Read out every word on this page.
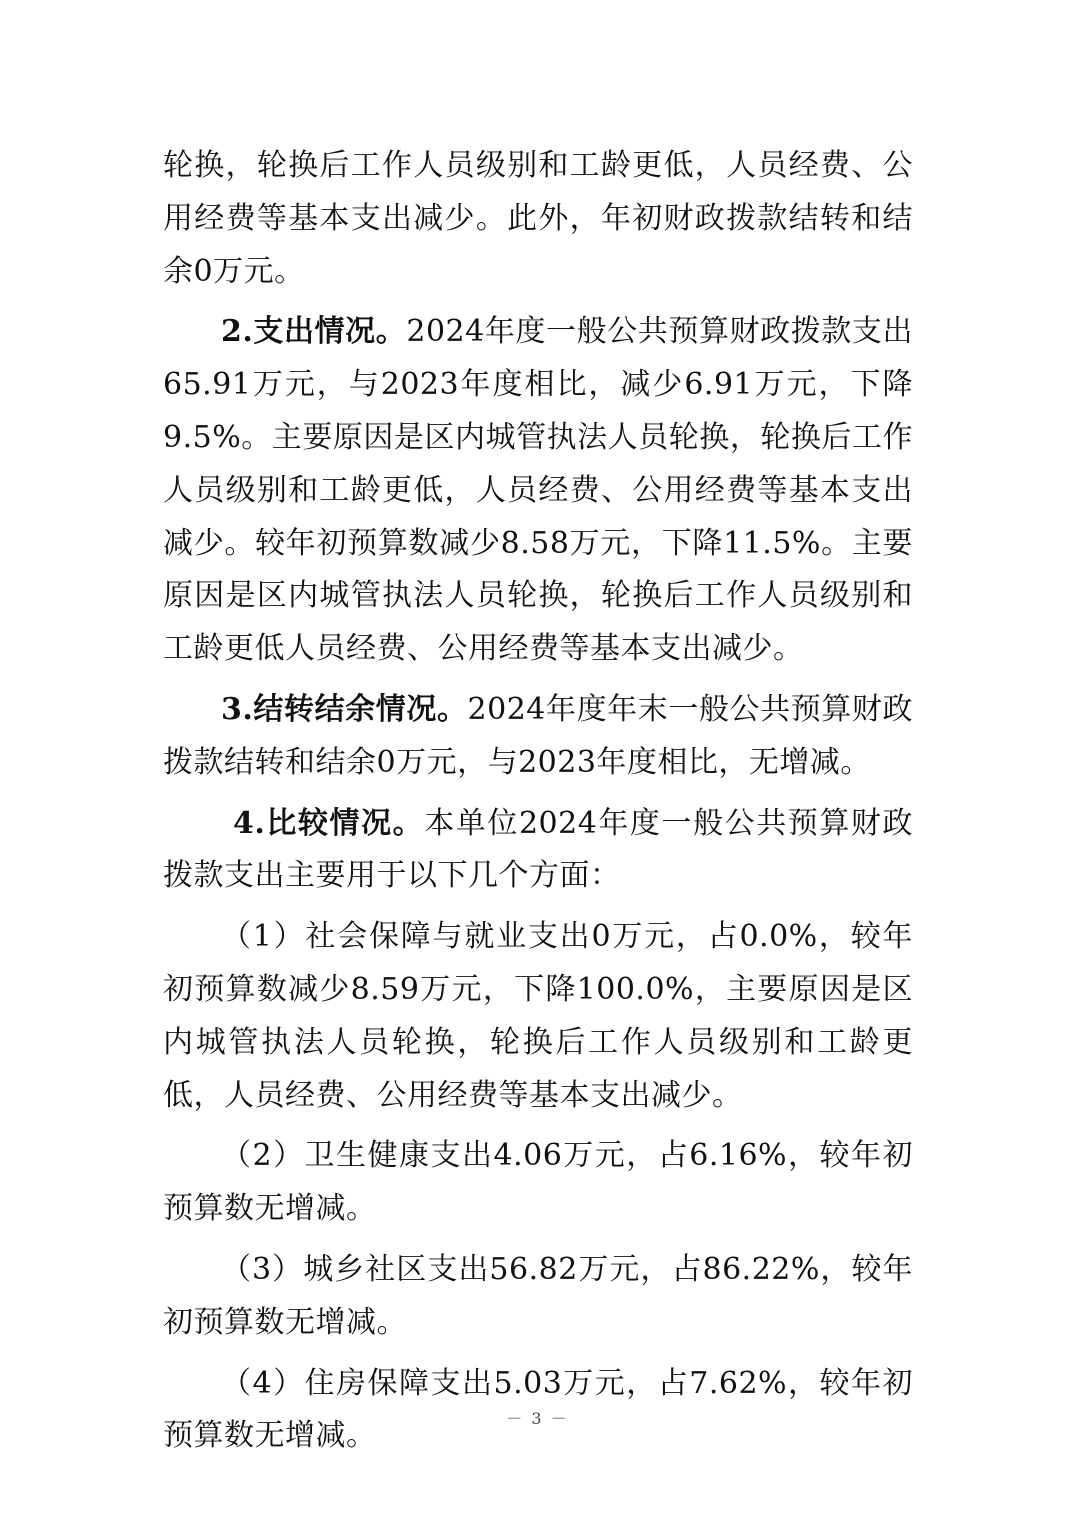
轮换，轮换后工作人员级别和工龄更低，人员经费、公用经费等基本支出减少。此外，年初财政拨款结转和结余0万元。

2.支出情况。2024年度一般公共预算财政拨款支出65.91万元，与2023年度相比，减少6.91万元，下降9.5%。主要原因是区内城管执法人员轮换，轮换后工作人员级别和工龄更低，人员经费、公用经费等基本支出减少。较年初预算数减少8.58万元，下降11.5%。主要原因是区内城管执法人员轮换，轮换后工作人员级别和工龄更低人员经费、公用经费等基本支出减少。

3.结转结余情况。2024年度年末一般公共预算财政拨款结转和结余0万元，与2023年度相比，无增减。

4.比较情况。本单位2024年度一般公共预算财政拨款支出主要用于以下几个方面：

（1）社会保障与就业支出0万元，占0.0%，较年初预算数减少8.59万元，下降100.0%，主要原因是区内城管执法人员轮换，轮换后工作人员级别和工龄更低，人员经费、公用经费等基本支出减少。

（2）卫生健康支出4.06万元，占6.16%，较年初预算数无增减。

（3）城乡社区支出56.82万元，占86.22%，较年初预算数无增减。

（4）住房保障支出5.03万元，占7.62%，较年初预算数无增减。	－ 3 －
